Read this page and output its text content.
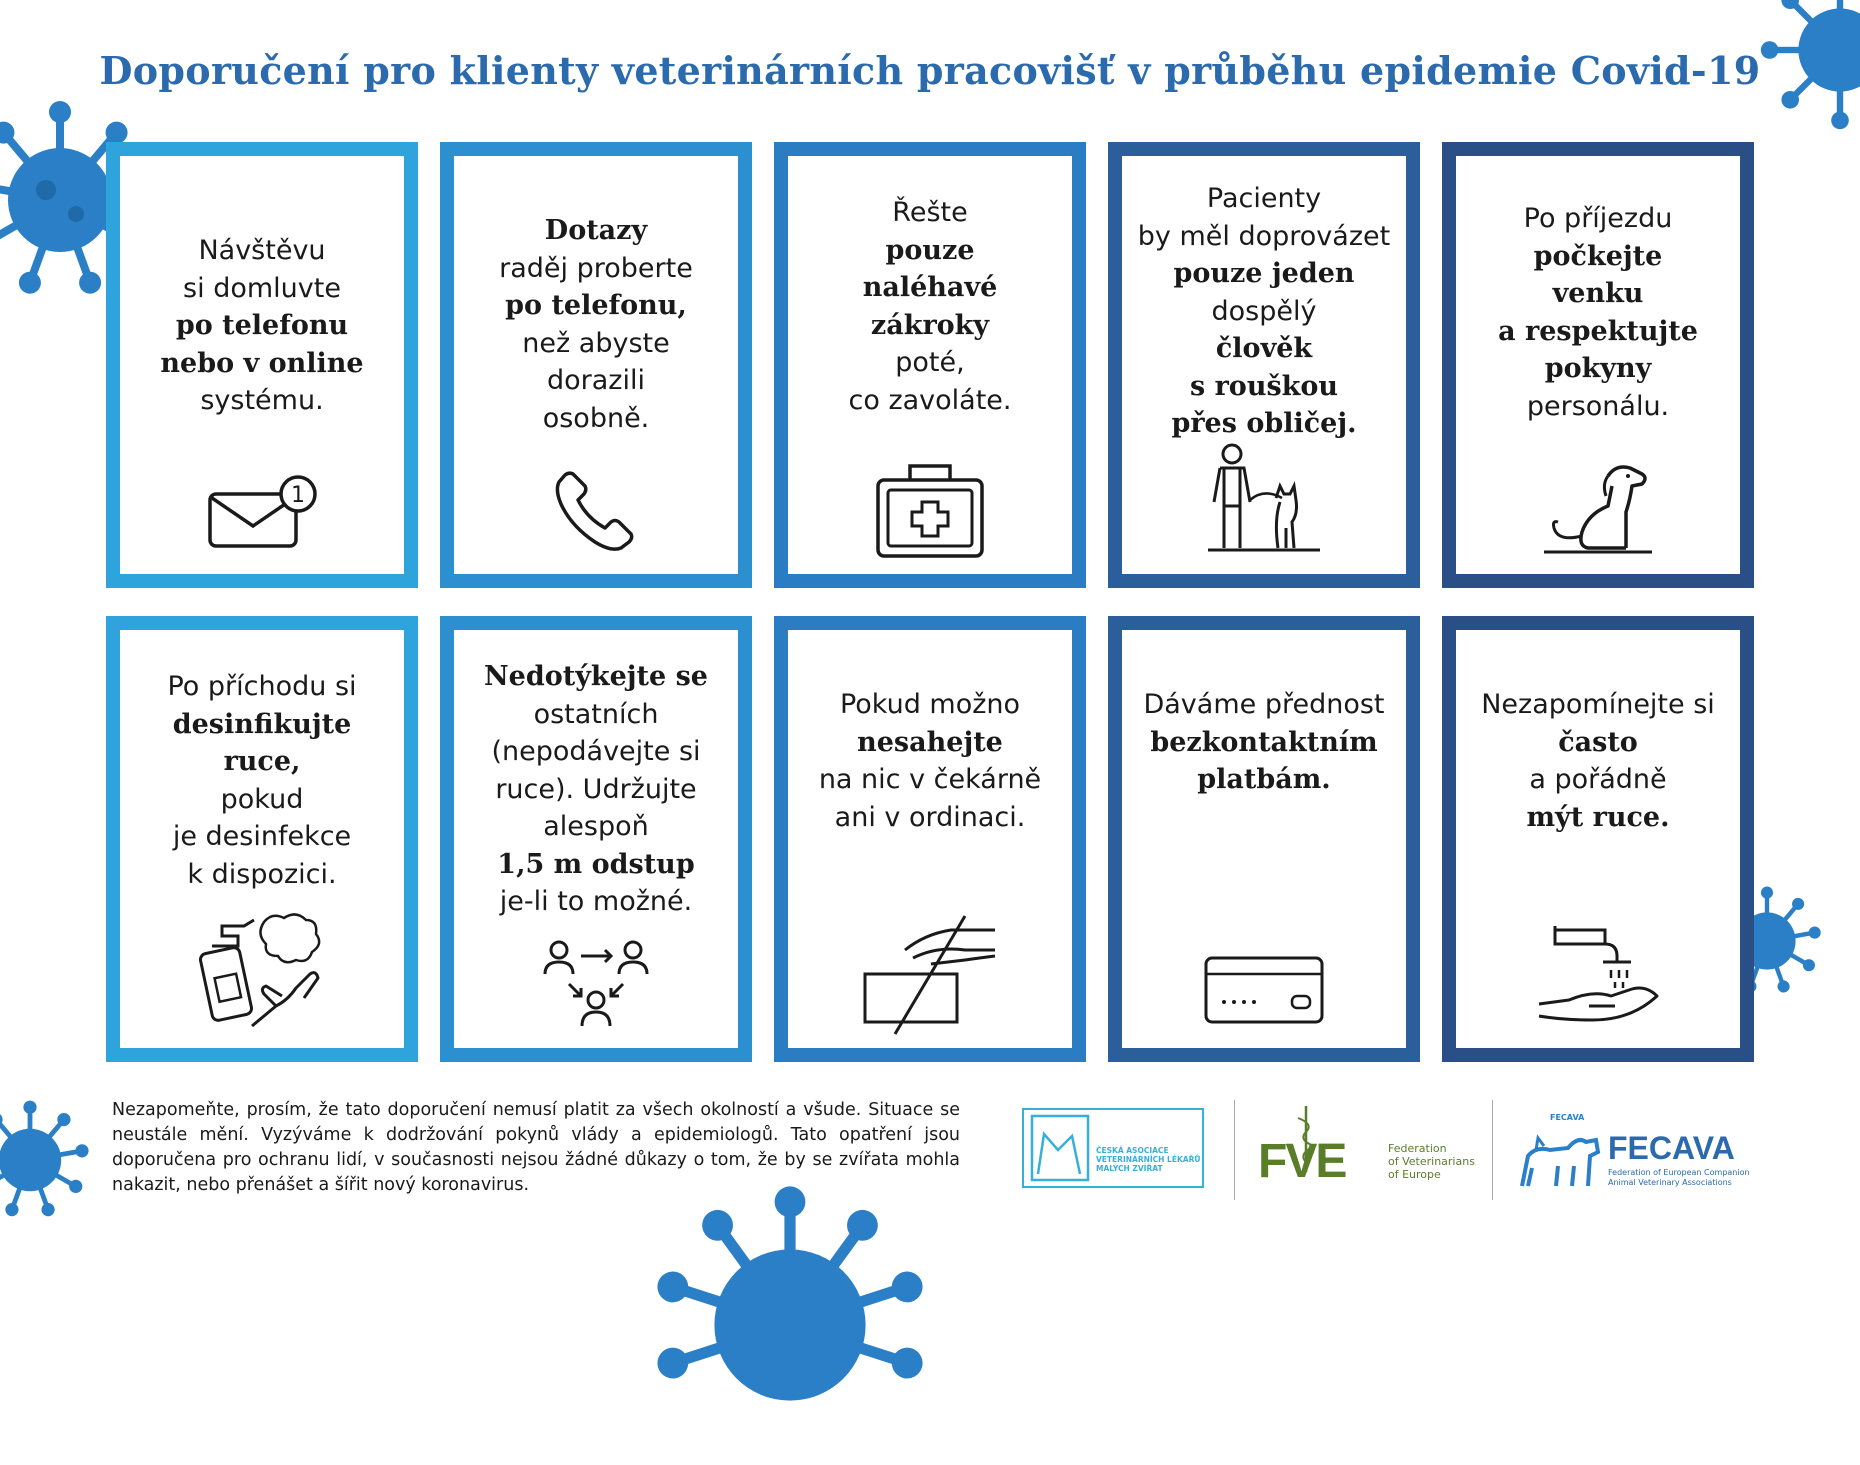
Doporučení pro klienty veterinárních pracovišť v průběhu epidemie Covid-19
Návštěvu
si domluvte
po telefonu
nebo v online
systému.
1
Dotazy
raděj proberte
po telefonu,
než abyste
dorazili
osobně.
Řešte
pouze
naléhavé
zákroky
poté,
co zavoláte.
Pacienty
by měl doprovázet
pouze jeden
dospělý
člověk
s rouškou
přes obličej.
Po příjezdu
počkejte
venku
a respektujte
pokyny
personálu.
Po příchodu si
desinfikujte
ruce,
pokud
je desinfekce
k dispozici.
Nedotýkejte se
ostatních
(nepodávejte si
ruce). Udržujte
alespoň
1,5 m odstup
je-li to možné.
Pokud možno
nesahejte
na nic v čekárně
ani v ordinaci.
Dáváme přednost
bezkontaktním
platbám.
Nezapomínejte si
často
a pořádně
mýt ruce.
Nezapomeňte, prosím, že tato doporučení nemusí platit za všech okolností a všude. Situace se neustále mění. Vyzýváme k dodržování pokynů vlády a epidemiologů. Tato opatření jsou doporučena pro ochranu lidí, v současnosti nejsou žádné důkazy o tom, že by se zvířata mohla nakazit, nebo přenášet a šířit nový koronavirus.
ČESKÁ ASOCIACE
VETERINÁRNÍCH LÉKAŘŮ
MALÝCH ZVÍŘAT	FVE	Federation
of Veterinarians
of Europe
FECAVA
FECAVA
Federation of European Companion
Animal Veterinary Associations
